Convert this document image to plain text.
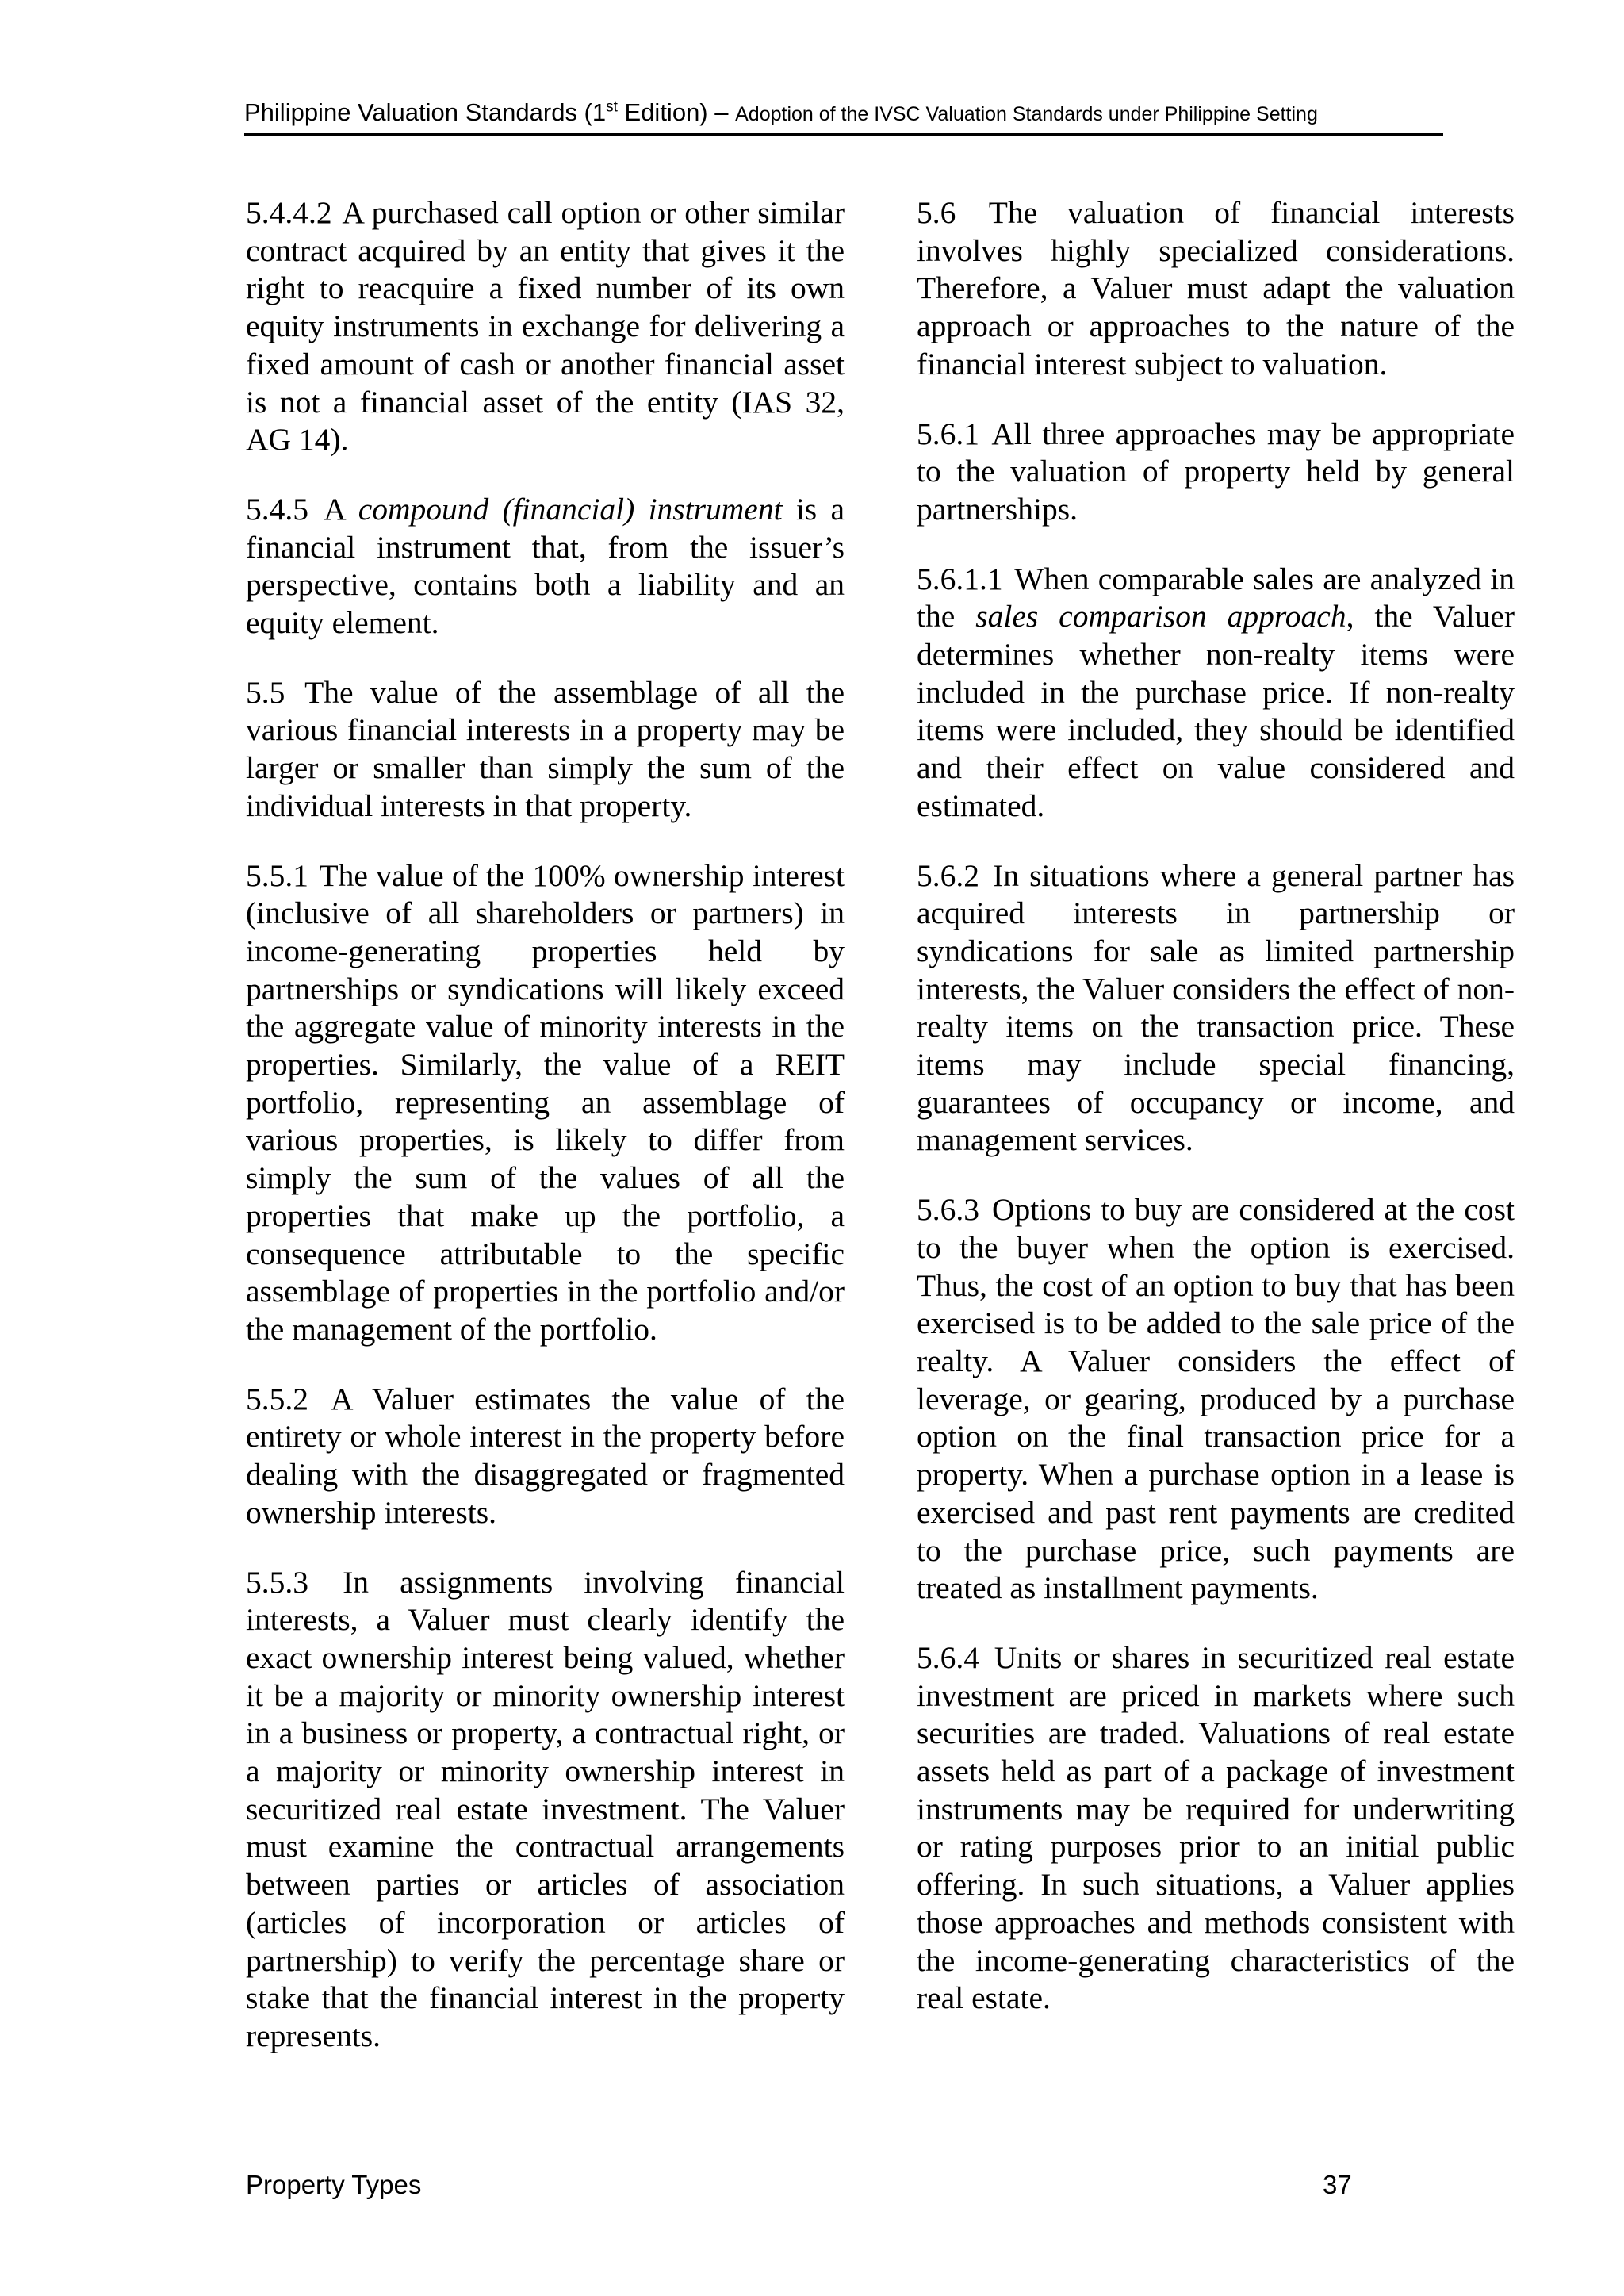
Philippine Valuation Standards (1st Edition) – Adoption of the IVSC Valuation Standards under Philippine Setting

5.4.4.2 A purchased call option or other similar contract acquired by an entity that gives it the right to reacquire a fixed number of its own equity instruments in exchange for delivering a fixed amount of cash or another financial asset is not a financial asset of the entity (IAS 32, AG 14).

5.4.5 A compound (financial) instrument is a financial instrument that, from the issuer’s perspective, contains both a liability and an equity element.

5.5 The value of the assemblage of all the various financial interests in a property may be larger or smaller than simply the sum of the individual interests in that property.

5.5.1 The value of the 100% ownership interest (inclusive of all shareholders or partners) in income-generating properties held by partnerships or syndications will likely exceed the aggregate value of minority interests in the properties. Similarly, the value of a REIT portfolio, representing an assemblage of various properties, is likely to differ from simply the sum of the values of all the properties that make up the portfolio, a consequence attributable to the specific assemblage of properties in the portfolio and/or the management of the portfolio.

5.5.2 A Valuer estimates the value of the entirety or whole interest in the property before dealing with the disaggregated or fragmented ownership interests.

5.5.3 In assignments involving financial interests, a Valuer must clearly identify the exact ownership interest being valued, whether it be a majority or minority ownership interest in a business or property, a contractual right, or a majority or minority ownership interest in securitized real estate investment. The Valuer must examine the contractual arrangements between parties or articles of association (articles of incorporation or articles of partnership) to verify the percentage share or stake that the financial interest in the property represents.

5.6 The valuation of financial interests involves highly specialized considerations. Therefore, a Valuer must adapt the valuation approach or approaches to the nature of the financial interest subject to valuation.

5.6.1 All three approaches may be appropriate to the valuation of property held by general partnerships.

5.6.1.1 When comparable sales are analyzed in the sales comparison approach, the Valuer determines whether non-realty items were included in the purchase price. If non-realty items were included, they should be identified and their effect on value considered and estimated.

5.6.2 In situations where a general partner has acquired interests in partnership or syndications for sale as limited partnership interests, the Valuer considers the effect of non-realty items on the transaction price. These items may include special financing, guarantees of occupancy or income, and management services.

5.6.3 Options to buy are considered at the cost to the buyer when the option is exercised. Thus, the cost of an option to buy that has been exercised is to be added to the sale price of the realty. A Valuer considers the effect of leverage, or gearing, produced by a purchase option on the final transaction price for a property. When a purchase option in a lease is exercised and past rent payments are credited to the purchase price, such payments are treated as installment payments.

5.6.4 Units or shares in securitized real estate investment are priced in markets where such securities are traded. Valuations of real estate assets held as part of a package of investment instruments may be required for underwriting or rating purposes prior to an initial public offering. In such situations, a Valuer applies those approaches and methods consistent with the income-generating characteristics of the real estate.

Property Types	37
